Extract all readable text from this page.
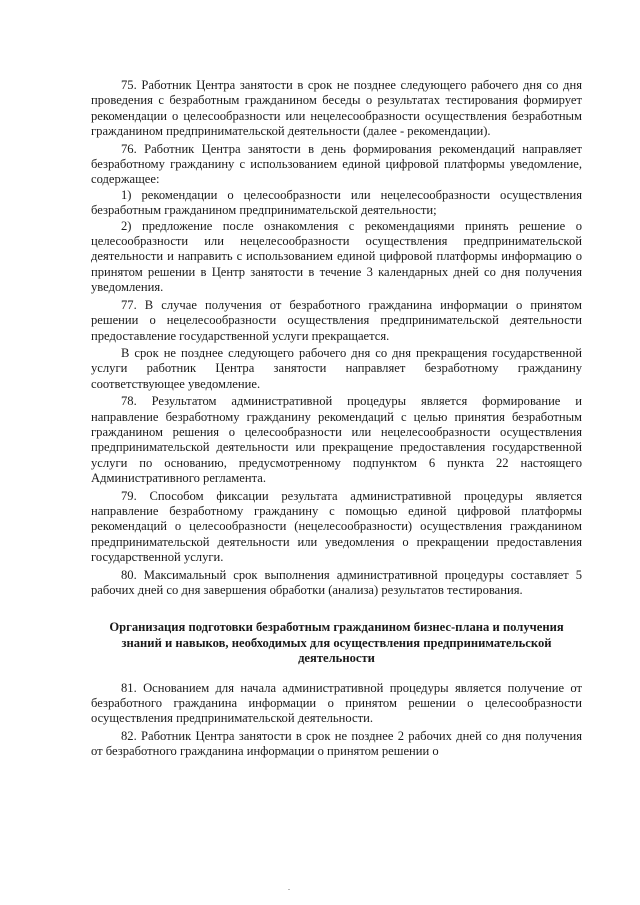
75. Работник Центра занятости в срок не позднее следующего рабочего дня со дня проведения с безработным гражданином беседы о результатах тестирования формирует рекомендации о целесообразности или нецелесообразности осуществления безработным гражданином предпринимательской деятельности (далее - рекомендации).

76. Работник Центра занятости в день формирования рекомендаций направляет безработному гражданину с использованием единой цифровой платформы уведомление, содержащее:

1) рекомендации о целесообразности или нецелесообразности осуществления безработным гражданином предпринимательской деятельности;

2) предложение после ознакомления с рекомендациями принять решение о целесообразности или нецелесообразности осуществления предпринимательской деятельности и направить с использованием единой цифровой платформы информацию о принятом решении в Центр занятости в течение 3 календарных дней со дня получения уведомления.

77. В случае получения от безработного гражданина информации о принятом решении о нецелесообразности осуществления предпринимательской деятельности предоставление государственной услуги прекращается.

В срок не позднее следующего рабочего дня со дня прекращения государственной услуги работник Центра занятости направляет безработному гражданину соответствующее уведомление.

78. Результатом административной процедуры является формирование и направление безработному гражданину рекомендаций с целью принятия безработным гражданином решения о целесообразности или нецелесообразности осуществления предпринимательской деятельности или прекращение предоставления государственной услуги по основанию, предусмотренному подпунктом 6 пункта 22 настоящего Административного регламента.

79. Способом фиксации результата административной процедуры является направление безработному гражданину с помощью единой цифровой платформы рекомендаций о целесообразности (нецелесообразности) осуществления гражданином предпринимательской деятельности или уведомления о прекращении предоставления государственной услуги.

80. Максимальный срок выполнения административной процедуры составляет 5 рабочих дней со дня завершения обработки (анализа) результатов тестирования.

Организация подготовки безработным гражданином бизнес-плана и получения знаний и навыков, необходимых для осуществления предпринимательской деятельности

81. Основанием для начала административной процедуры является получение от безработного гражданина информации о принятом решении о целесообразности осуществления предпринимательской деятельности.

82. Работник Центра занятости в срок не позднее 2 рабочих дней со дня получения от безработного гражданина информации о принятом решении о

.
